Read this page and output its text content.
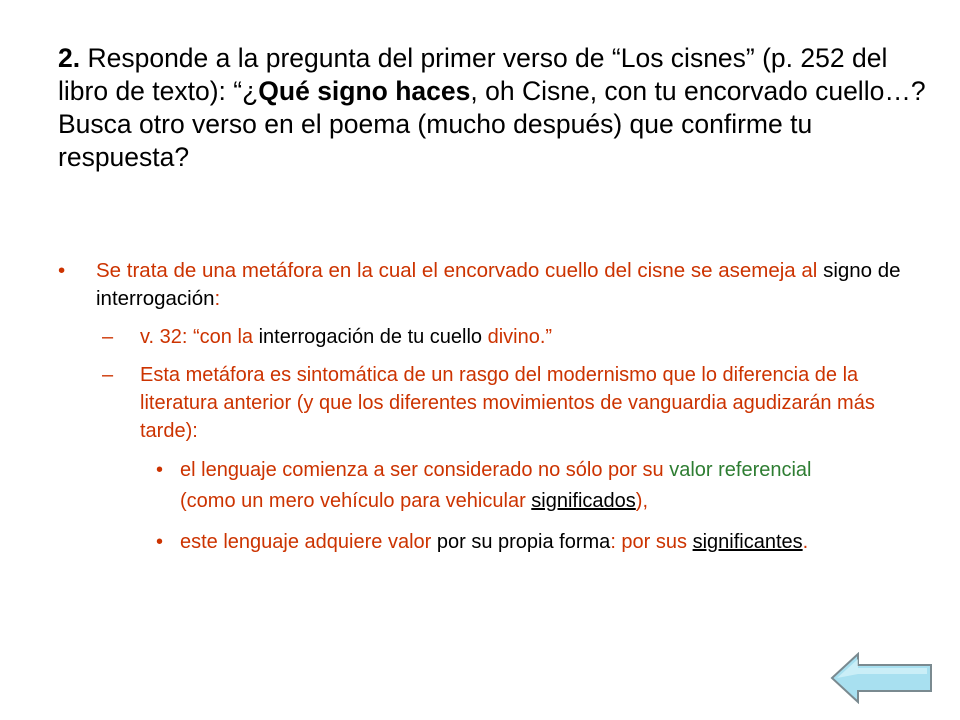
2. Responde a la pregunta del primer verso de “Los cisnes” (p. 252 del libro de texto): “¿Qué signo haces, oh Cisne, con tu encorvado cuello…? Busca otro verso en el poema (mucho después) que confirme tu respuesta?
• Se trata de una metáfora en la cual el encorvado cuello del cisne se asemeja al signo de interrogación:
– v. 32: “con la interrogación de tu cuello divino.”
– Esta metáfora es sintomática de un rasgo del modernismo que lo diferencia de la literatura anterior (y que los diferentes movimientos de vanguardia agudizarán más tarde):
• el lenguaje comienza a ser considerado no sólo por su valor referencial (como un mero vehículo para vehicular significados),
• este lenguaje adquiere valor por su propia forma: por sus significantes.
